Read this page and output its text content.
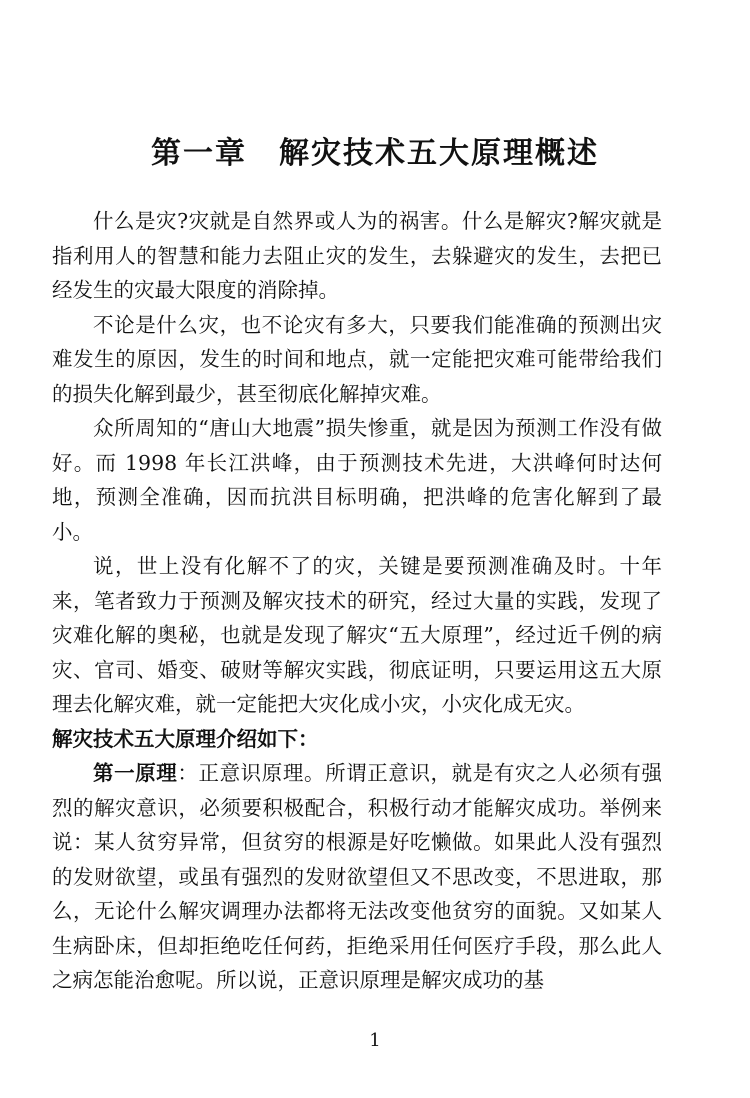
第一章　解灾技术五大原理概述

什么是灾?灾就是自然界或人为的祸害。什么是解灾?解灾就是指利用人的智慧和能力去阻止灾的发生，去躲避灾的发生，去把已经发生的灾最大限度的消除掉。

不论是什么灾，也不论灾有多大，只要我们能准确的预测出灾难发生的原因，发生的时间和地点，就一定能把灾难可能带给我们的损失化解到最少，甚至彻底化解掉灾难。

众所周知的“唐山大地震”损失惨重，就是因为预测工作没有做好。而 1998 年长江洪峰，由于预测技术先进，大洪峰何时达何地，预测全准确，因而抗洪目标明确，把洪峰的危害化解到了最小。

说，世上没有化解不了的灾，关键是要预测准确及时。十年来，笔者致力于预测及解灾技术的研究，经过大量的实践，发现了灾难化解的奥秘，也就是发现了解灾“五大原理”，经过近千例的病灾、官司、婚变、破财等解灾实践，彻底证明，只要运用这五大原理去化解灾难，就一定能把大灾化成小灾，小灾化成无灾。

解灾技术五大原理介绍如下：

第一原理：正意识原理。所谓正意识，就是有灾之人必须有强烈的解灾意识，必须要积极配合，积极行动才能解灾成功。举例来说：某人贫穷异常，但贫穷的根源是好吃懒做。如果此人没有强烈的发财欲望，或虽有强烈的发财欲望但又不思改变，不思进取，那么，无论什么解灾调理办法都将无法改变他贫穷的面貌。又如某人生病卧床，但却拒绝吃任何药，拒绝采用任何医疗手段，那么此人之病怎能治愈呢。所以说，正意识原理是解灾成功的基

1
